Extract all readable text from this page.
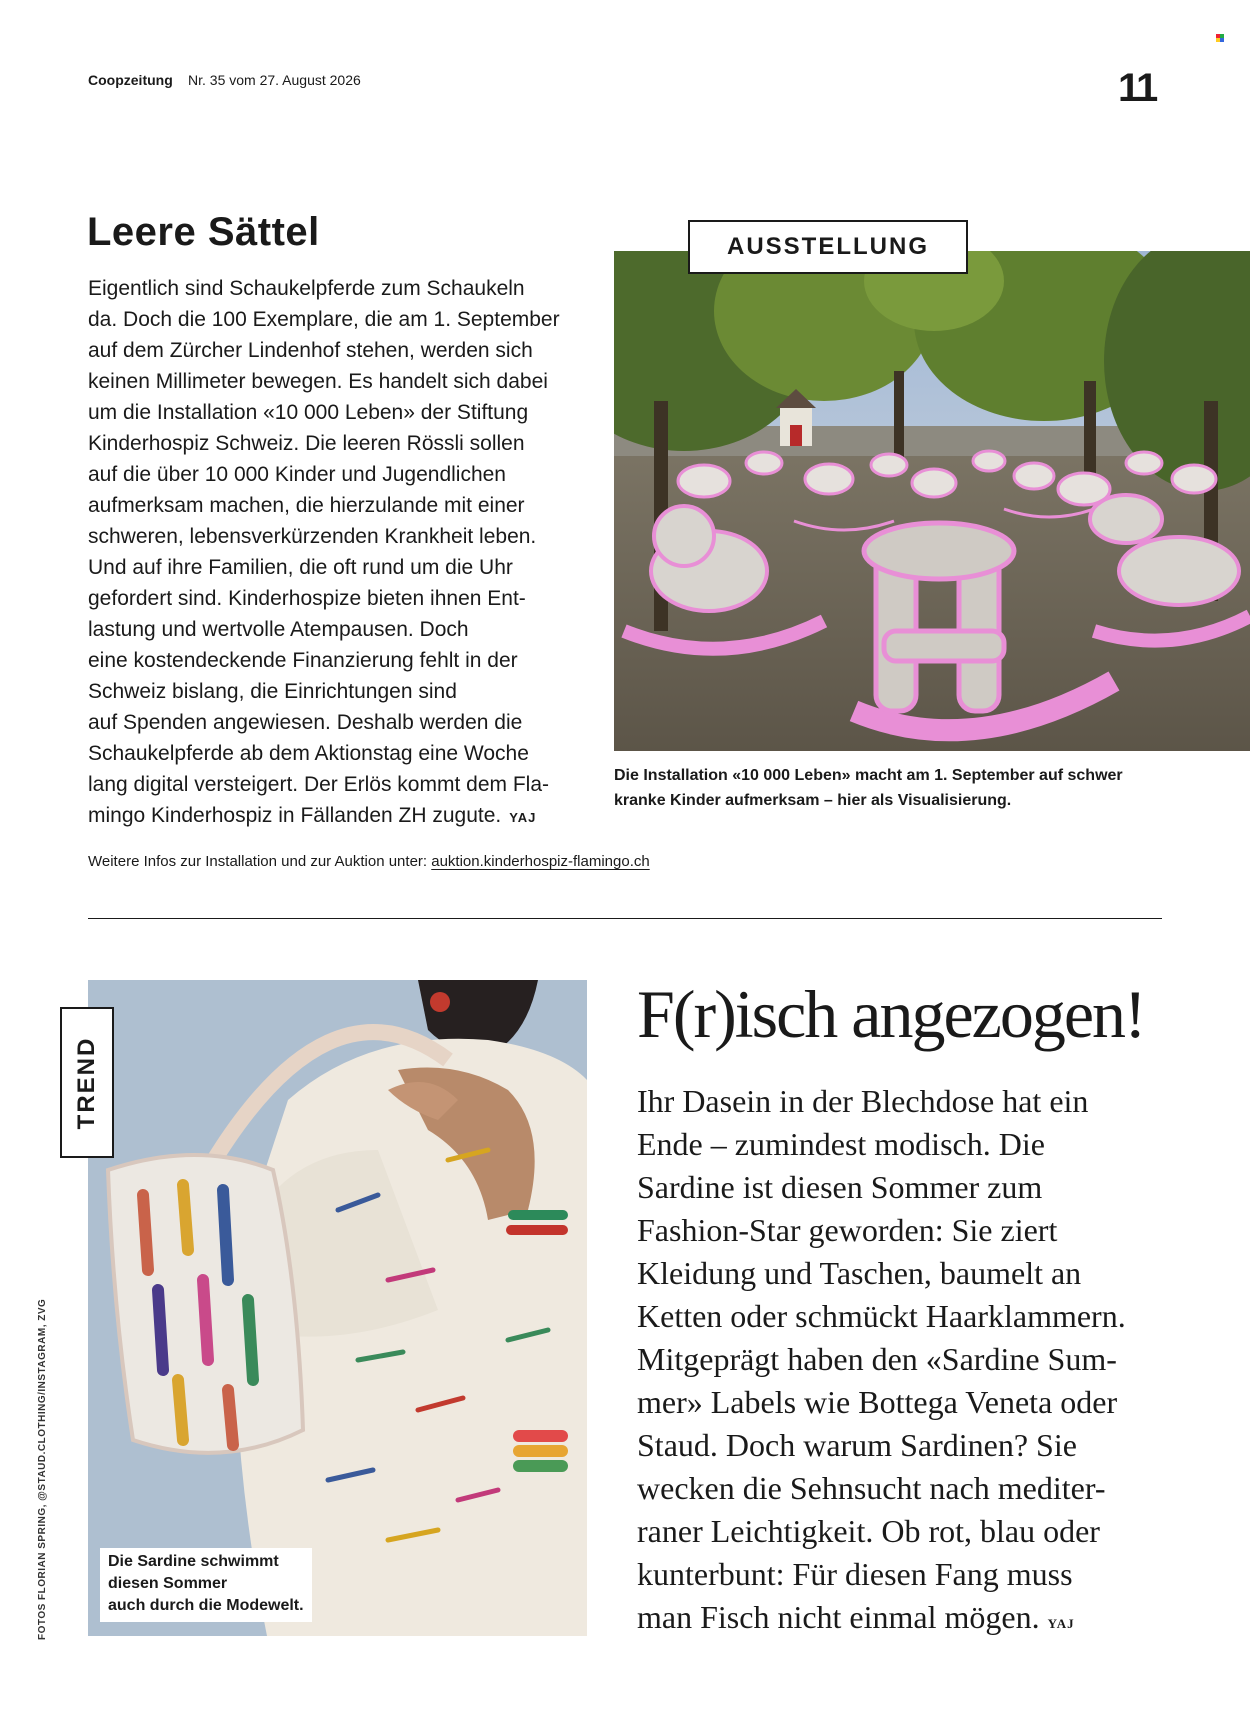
Coopzeitung Nr. 35 vom 27. August 2026	11
Leere Sättel

Eigentlich sind Schaukelpferde zum Schaukeln
da. Doch die 100 Exemplare, die am 1. September
auf dem Zürcher Lindenhof stehen, werden sich
keinen Millimeter bewegen. Es handelt sich dabei
um die Installation «10 000 Leben» der Stiftung
Kinderhospiz Schweiz. Die leeren Rössli sollen
auf die über 10 000 Kinder und Jugendlichen
aufmerksam machen, die hierzulande mit einer
schweren, lebensverkürzenden Krankheit leben.
Und auf ihre Familien, die oft rund um die Uhr
gefordert sind. Kinderhospize bieten ihnen Ent-
lastung und wertvolle Atempausen. Doch
eine kostendeckende Finanzierung fehlt in der
Schweiz bislang, die Einrichtungen sind
auf Spenden angewiesen. Deshalb werden die
Schaukelpferde ab dem Aktionstag eine Woche
lang digital versteigert. Der Erlös kommt dem Fla-
mingo Kinderhospiz in Fällanden ZH zugute. YAJ

Weitere Infos zur Installation und zur Auktion unter: auktion.kinderhospiz-flamingo.ch
AUSSTELLUNG

Die Installation «10 000 Leben» macht am 1. September auf schwer
kranke Kinder aufmerksam – hier als Visualisierung.

TREND

Die Sardine schwimmt
diesen Sommer
auch durch die Modewelt.

FOTOS FLORIAN SPRING, @STAUD.CLOTHING/INSTAGRAM, ZVG
F(r)isch angezogen!

Ihr Dasein in der Blechdose hat ein
Ende – zumindest modisch. Die
Sardine ist diesen Sommer zum
Fashion-Star geworden: Sie ziert
Kleidung und Taschen, baumelt an
Ketten oder schmückt Haarklammern.
Mitgeprägt haben den «Sardine Sum-
mer» Labels wie Bottega Veneta oder
Staud. Doch warum Sardinen? Sie
wecken die Sehnsucht nach mediter-
raner Leichtigkeit. Ob rot, blau oder
kunterbunt: Für diesen Fang muss
man Fisch nicht einmal mögen. YAJ
